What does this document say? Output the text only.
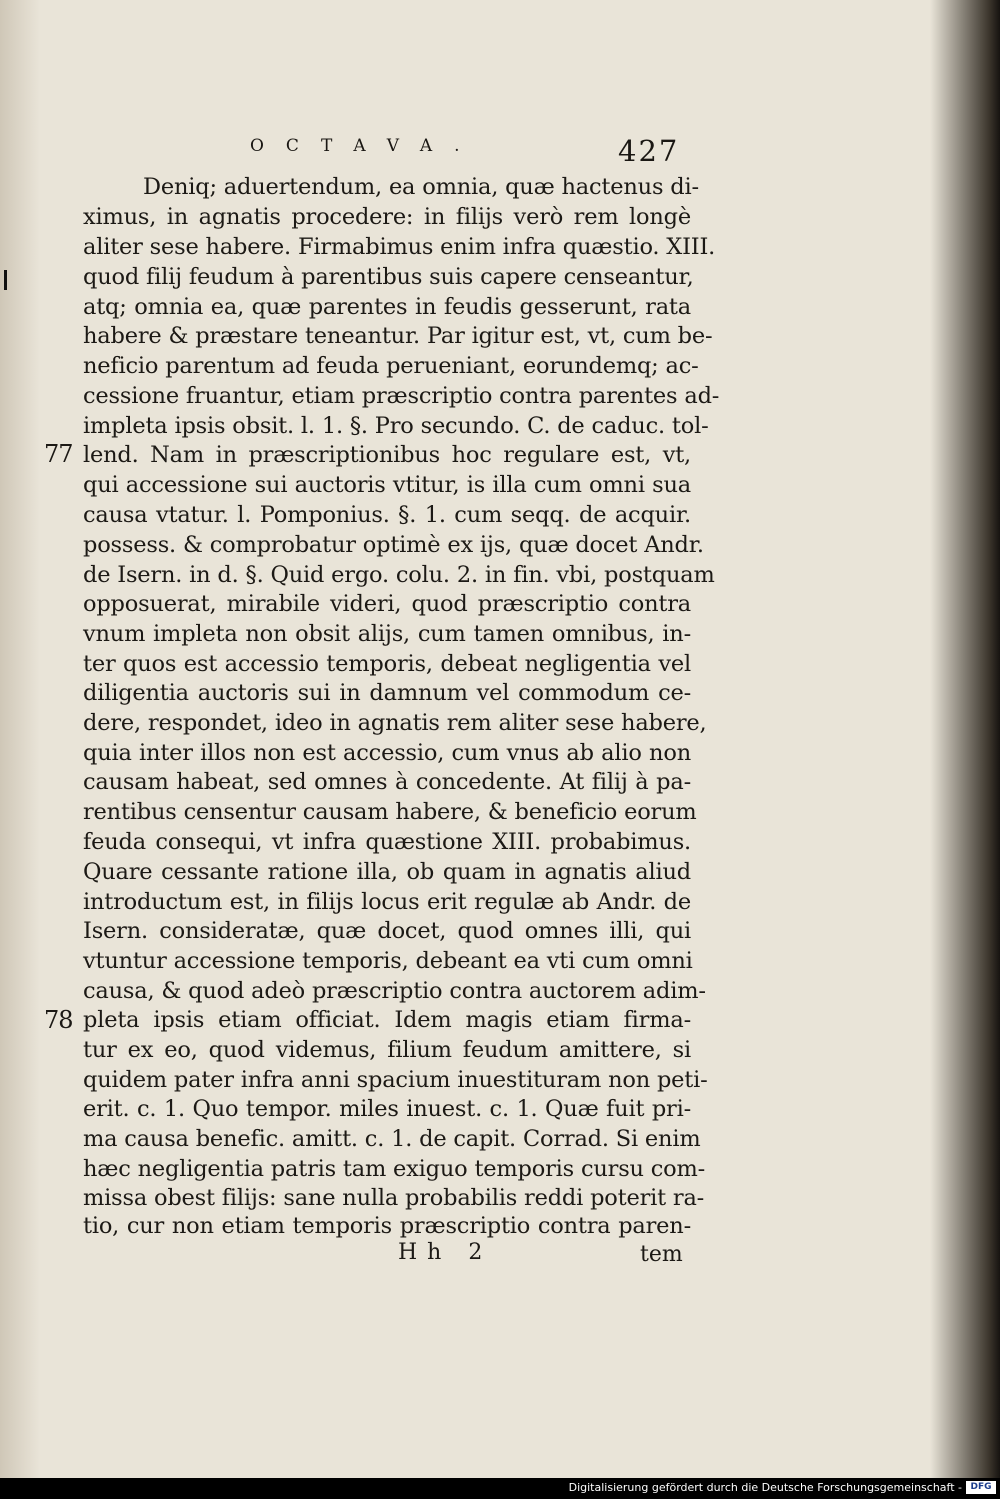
OCTAVA.	427
Deniq; aduertendum, ea omnia, quæ hactenus di-
ximus, in agnatis procedere: in filijs verò rem longè
aliter sese habere. Firmabimus enim infra quæstio. XIII.
quod filij feudum à parentibus suis capere censeantur,
atq; omnia ea, quæ parentes in feudis gesserunt, rata
habere & præstare teneantur. Par igitur est, vt, cum be-
neficio parentum ad feuda perueniant, eorundemq; ac-
cessione fruantur, etiam præscriptio contra parentes ad-
impleta ipsis obsit. l. 1. §. Pro secundo. C. de caduc. tol-
lend. Nam in præscriptionibus hoc regulare est, vt,
qui accessione sui auctoris vtitur, is illa cum omni sua
causa vtatur. l. Pomponius. §. 1. cum seqq. de acquir.
possess. & comprobatur optimè ex ijs, quæ docet Andr.
de Isern. in d. §. Quid ergo. colu. 2. in fin. vbi, postquam
opposuerat, mirabile videri, quod præscriptio contra
vnum impleta non obsit alijs, cum tamen omnibus, in-
ter quos est accessio temporis, debeat negligentia vel
diligentia auctoris sui in damnum vel commodum ce-
dere, respondet, ideo in agnatis rem aliter sese habere,
quia inter illos non est accessio, cum vnus ab alio non
causam habeat, sed omnes à concedente. At filij à pa-
rentibus censentur causam habere, & beneficio eorum
feuda consequi, vt infra quæstione XIII. probabimus.
Quare cessante ratione illa, ob quam in agnatis aliud
introductum est, in filijs locus erit regulæ ab Andr. de
Isern. consideratæ, quæ docet, quod omnes illi, qui
vtuntur accessione temporis, debeant ea vti cum omni
causa, & quod adeò præscriptio contra auctorem adim-
pleta ipsis etiam officiat. Idem magis etiam firma-
tur ex eo, quod videmus, filium feudum amittere, si
quidem pater infra anni spacium inuestituram non peti-
erit. c. 1. Quo tempor. miles inuest. c. 1. Quæ fuit pri-
ma causa benefic. amitt. c. 1. de capit. Corrad. Si enim
hæc negligentia patris tam exiguo temporis cursu com-
missa obest filijs: sane nulla probabilis reddi poterit ra-
tio, cur non etiam temporis præscriptio contra paren-
77
78
Hh 2	tem
Digitalisierung gefördert durch die Deutsche Forschungsgemeinschaft - DFG
